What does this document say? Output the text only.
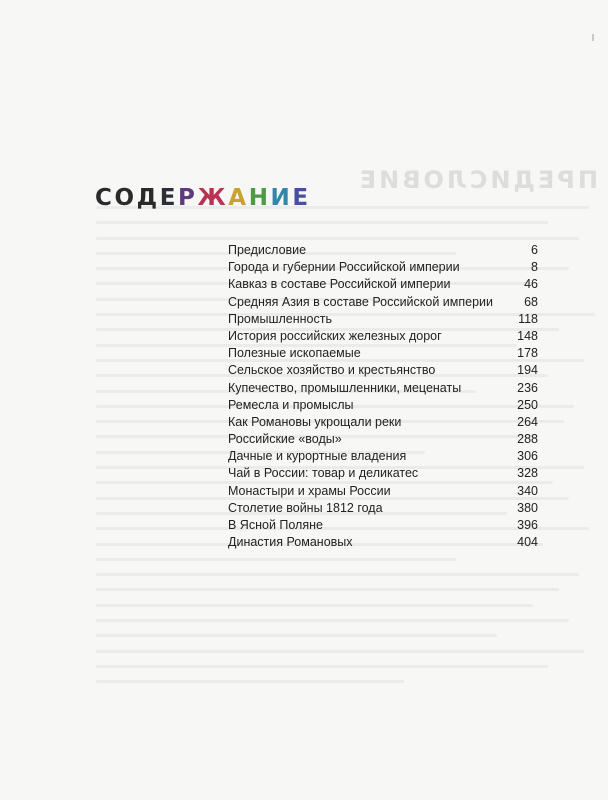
ПРЕДИСЛОВИЕ
СОДЕРЖАНИЕ
Предисловие	6
Города и губернии Российской империи	8
Кавказ в составе Российской империи	46
Средняя Азия в составе Российской империи	68
Промышленность	118
История российских железных дорог	148
Полезные ископаемые	178
Сельское хозяйство и крестьянство	194
Купечество, промышленники, меценаты	236
Ремесла и промыслы	250
Как Романовы укрощали реки	264
Российские «воды»	288
Дачные и курортные владения	306
Чай в России: товар и деликатес	328
Монастыри и храмы России	340
Столетие войны 1812 года	380
В Ясной Поляне	396
Династия Романовых	404
